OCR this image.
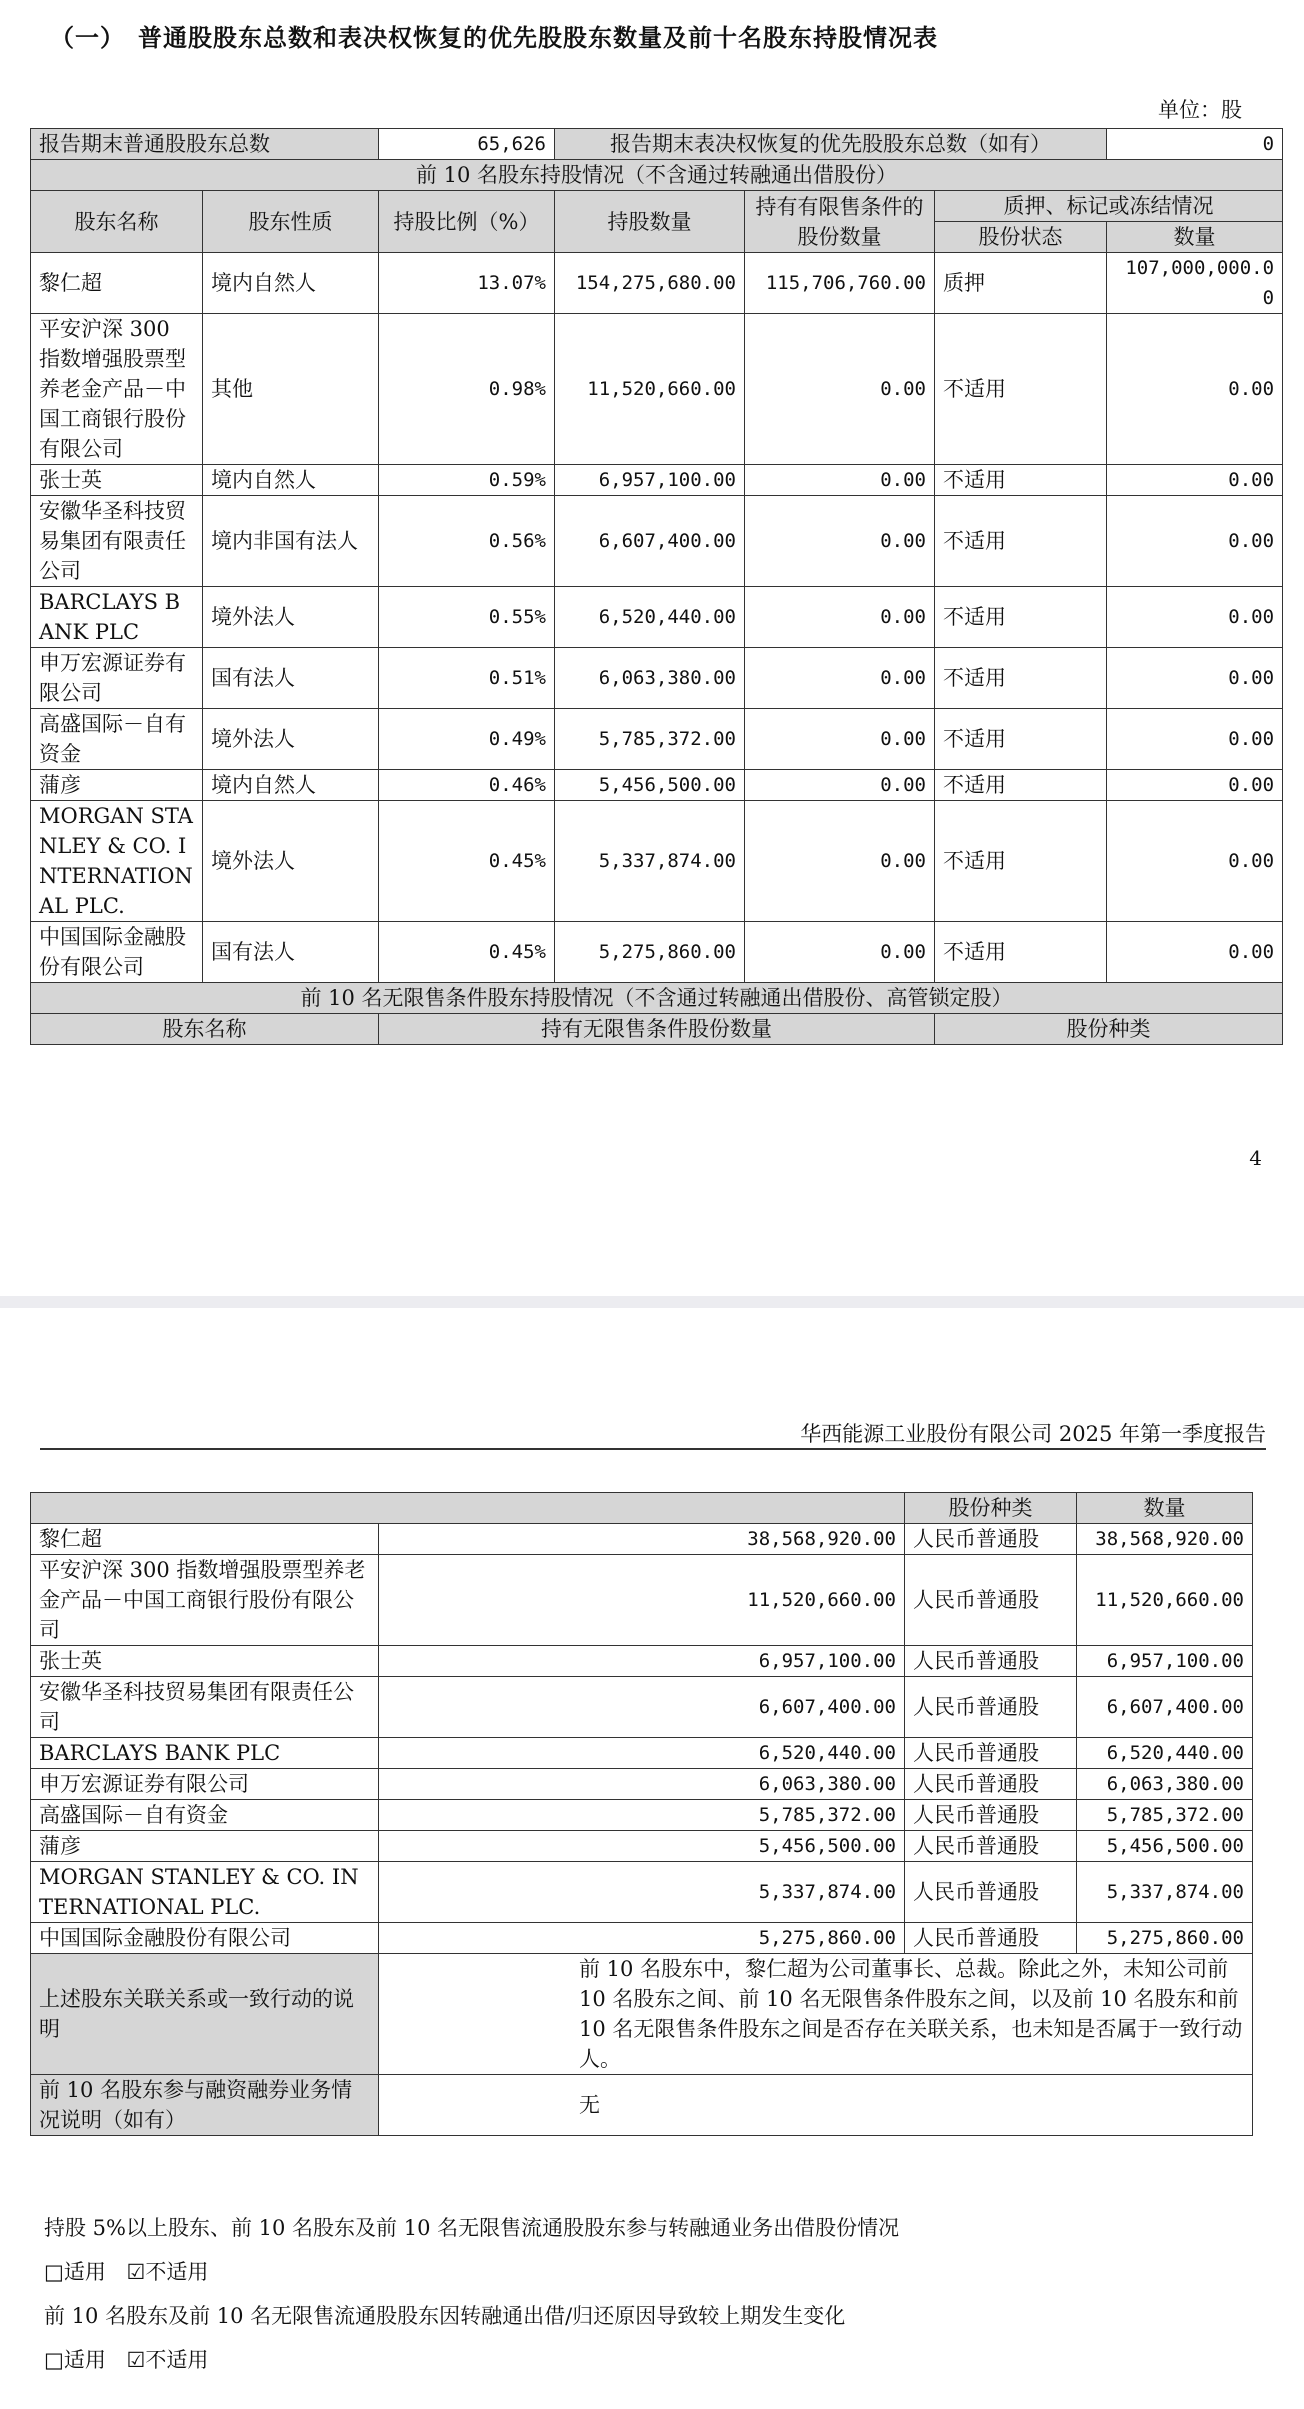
（一）　普通股股东总数和表决权恢复的优先股股东数量及前十名股东持股情况表
单位：股
报告期末普通股股东总数		65,626	报告期末表决权恢复的优先股股东总数（如有）			0
前 10 名股东持股情况（不含通过转融通出借股份）						
股东名称	股东性质	持股比例（%）	持股数量	持有有限售条件的股份数量	质押、标记或冻结情况	
					股份状态	数量
黎仁超	境内自然人	13.07%	154,275,680.00	115,706,760.00	质押	107,000,000.00
平安沪深 300 指数增强股票型养老金产品－中国工商银行股份有限公司	其他	0.98%	11,520,660.00	0.00	不适用	0.00
张士英	境内自然人	0.59%	6,957,100.00	0.00	不适用	0.00
安徽华圣科技贸易集团有限责任公司	境内非国有法人	0.56%	6,607,400.00	0.00	不适用	0.00
BARCLAYS BANK PLC	境外法人	0.55%	6,520,440.00	0.00	不适用	0.00
申万宏源证券有限公司	国有法人	0.51%	6,063,380.00	0.00	不适用	0.00
高盛国际－自有资金	境外法人	0.49%	5,785,372.00	0.00	不适用	0.00
蒲彦	境内自然人	0.46%	5,456,500.00	0.00	不适用	0.00
MORGAN STANLEY & CO. INTERNATIONAL PLC.	境外法人	0.45%	5,337,874.00	0.00	不适用	0.00
中国国际金融股份有限公司	国有法人	0.45%	5,275,860.00	0.00	不适用	0.00
前 10 名无限售条件股东持股情况（不含通过转融通出借股份、高管锁定股）						
股东名称		持有无限售条件股份数量			股份种类	
4
华西能源工业股份有限公司 2025 年第一季度报告
		股份种类	数量
黎仁超	38,568,920.00	人民币普通股	38,568,920.00
平安沪深 300 指数增强股票型养老金产品－中国工商银行股份有限公司	11,520,660.00	人民币普通股	11,520,660.00
张士英	6,957,100.00	人民币普通股	6,957,100.00
安徽华圣科技贸易集团有限责任公司	6,607,400.00	人民币普通股	6,607,400.00
BARCLAYS BANK PLC	6,520,440.00	人民币普通股	6,520,440.00
申万宏源证券有限公司	6,063,380.00	人民币普通股	6,063,380.00
高盛国际－自有资金	5,785,372.00	人民币普通股	5,785,372.00
蒲彦	5,456,500.00	人民币普通股	5,456,500.00
MORGAN STANLEY & CO. INTERNATIONAL PLC.	5,337,874.00	人民币普通股	5,337,874.00
中国国际金融股份有限公司	5,275,860.00	人民币普通股	5,275,860.00
上述股东关联关系或一致行动的说明	前 10 名股东中，黎仁超为公司董事长、总裁。除此之外，未知公司前 10 名股东之间、前 10 名无限售条件股东之间，以及前 10 名股东和前 10 名无限售条件股东之间是否存在关联关系，也未知是否属于一致行动人。		
前 10 名股东参与融资融券业务情况说明（如有）	无		
持股 5%以上股东、前 10 名股东及前 10 名无限售流通股股东参与转融通业务出借股份情况
□适用 ☑不适用
前 10 名股东及前 10 名无限售流通股股东因转融通出借/归还原因导致较上期发生变化
□适用 ☑不适用
